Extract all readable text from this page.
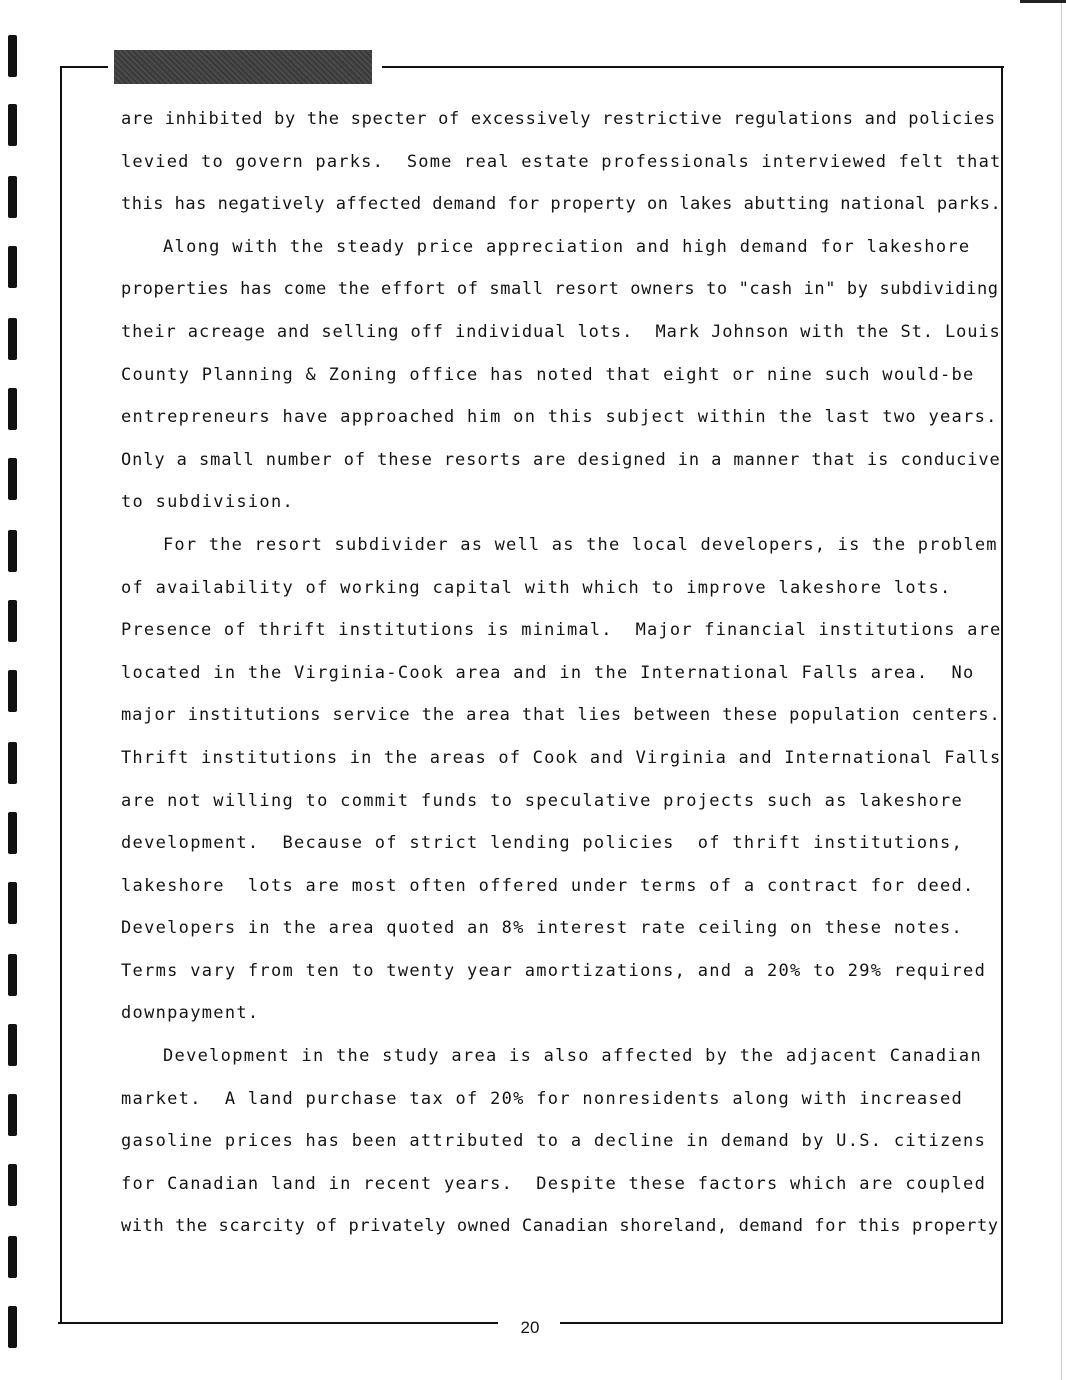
are inhibited by the specter of excessively restrictive regulations and policies
levied to govern parks.  Some real estate professionals interviewed felt that
this has negatively affected demand for property on lakes abutting national parks.
Along with the steady price appreciation and high demand for lakeshore
properties has come the effort of small resort owners to "cash in" by subdividing
their acreage and selling off individual lots.  Mark Johnson with the St. Louis
County Planning & Zoning office has noted that eight or nine such would-be
entrepreneurs have approached him on this subject within the last two years.
Only a small number of these resorts are designed in a manner that is conducive
to subdivision.
For the resort subdivider as well as the local developers, is the problem
of availability of working capital with which to improve lakeshore lots.
Presence of thrift institutions is minimal.  Major financial institutions are
located in the Virginia-Cook area and in the International Falls area.  No
major institutions service the area that lies between these population centers.
Thrift institutions in the areas of Cook and Virginia and International Falls
are not willing to commit funds to speculative projects such as lakeshore
development.  Because of strict lending policies  of thrift institutions,
lakeshore  lots are most often offered under terms of a contract for deed.
Developers in the area quoted an 8% interest rate ceiling on these notes.
Terms vary from ten to twenty year amortizations, and a 20% to 29% required
downpayment.
Development in the study area is also affected by the adjacent Canadian
market.  A land purchase tax of 20% for nonresidents along with increased
gasoline prices has been attributed to a decline in demand by U.S. citizens
for Canadian land in recent years.  Despite these factors which are coupled
with the scarcity of privately owned Canadian shoreland, demand for this property
20
